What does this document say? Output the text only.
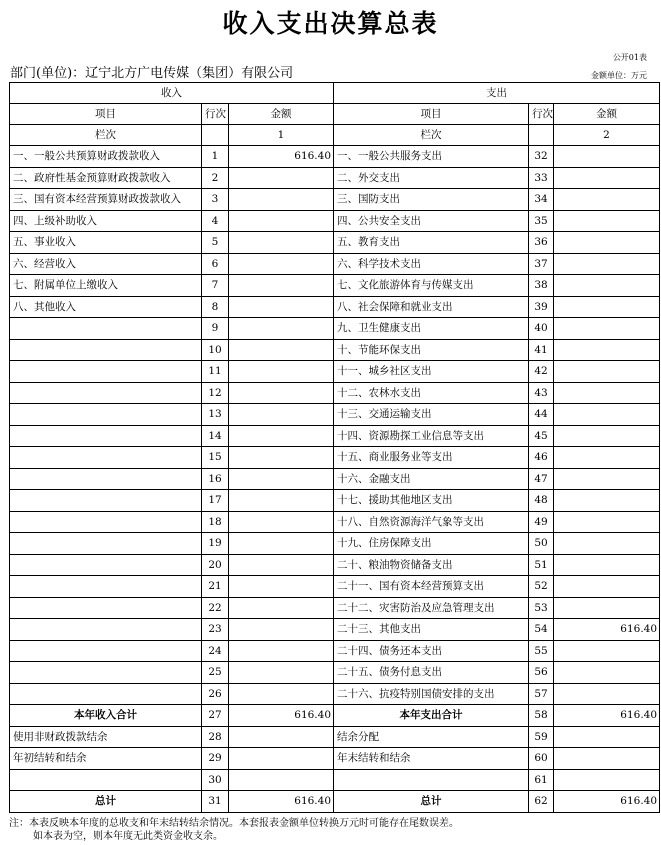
收入支出决算总表
公开01表
部门(单位)：辽宁北方广电传媒（集团）有限公司	金额单位：万元
收入			支出		
项目	行次	金额	项目	行次	金额
栏次		1	栏次		2
一、一般公共预算财政拨款收入	1	616.40	一、一般公共服务支出	32	
二、政府性基金预算财政拨款收入	2		二、外交支出	33	
三、国有资本经营预算财政拨款收入	3		三、国防支出	34	
四、上级补助收入	4		四、公共安全支出	35	
五、事业收入	5		五、教育支出	36	
六、经营收入	6		六、科学技术支出	37	
七、附属单位上缴收入	7		七、文化旅游体育与传媒支出	38	
八、其他收入	8		八、社会保障和就业支出	39	
	9		九、卫生健康支出	40	
	10		十、节能环保支出	41	
	11		十一、城乡社区支出	42	
	12		十二、农林水支出	43	
	13		十三、交通运输支出	44	
	14		十四、资源勘探工业信息等支出	45	
	15		十五、商业服务业等支出	46	
	16		十六、金融支出	47	
	17		十七、援助其他地区支出	48	
	18		十八、自然资源海洋气象等支出	49	
	19		十九、住房保障支出	50	
	20		二十、粮油物资储备支出	51	
	21		二十一、国有资本经营预算支出	52	
	22		二十二、灾害防治及应急管理支出	53	
	23		二十三、其他支出	54	616.40
	24		二十四、债务还本支出	55	
	25		二十五、债务付息支出	56	
	26		二十六、抗疫特别国债安排的支出	57	
本年收入合计	27	616.40	本年支出合计	58	616.40
使用非财政拨款结余	28		结余分配	59	
年初结转和结余	29		年末结转和结余	60	
	30			61	
总计	31	616.40	总计	62	616.40
注：本表反映本年度的总收支和年末结转结余情况。本套报表金额单位转换万元时可能存在尾数误差。
如本表为空，则本年度无此类资金收支余。
